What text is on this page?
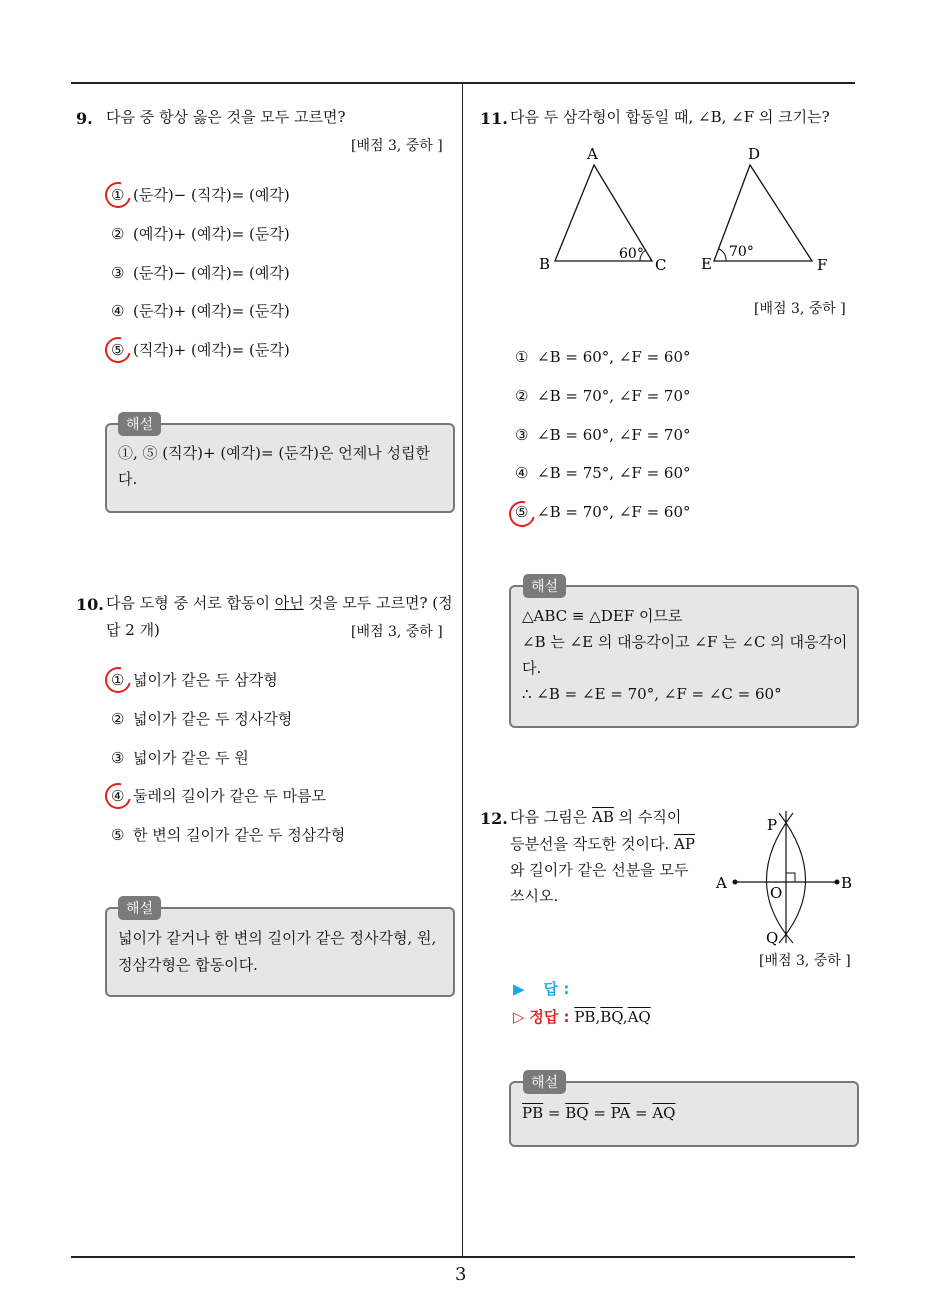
3
9. 다음 중 항상 옳은 것을 모두 고르면?
[배점 3, 중하 ]
① (둔각)− (직각)= (예각)
② (예각)+ (예각)= (둔각)
③ (둔각)− (예각)= (예각)
④ (둔각)+ (예각)= (둔각)
⑤ (직각)+ (예각)= (둔각)
해설
①, ⑤ (직각)+ (예각)= (둔각)은 언제나 성립한
다.
10. 다음 도형 중 서로 합동이 아닌 것을 모두 고르면? (정
답 2 개)	[배점 3, 중하 ]
① 넓이가 같은 두 삼각형
② 넓이가 같은 두 정사각형
③ 넓이가 같은 두 원
④ 둘레의 길이가 같은 두 마름모
⑤ 한 변의 길이가 같은 두 정삼각형
해설
넓이가 같거나 한 변의 길이가 같은 정사각형, 원,
정삼각형은 합동이다.
11. 다음 두 삼각형이 합동일 때, ∠B, ∠F 의 크기는?
A
B	C
60°
D
E	F
70°
[배점 3, 중하 ]
① ∠B = 60°, ∠F = 60°
② ∠B = 70°, ∠F = 70°
③ ∠B = 60°, ∠F = 70°
④ ∠B = 75°, ∠F = 60°
⑤ ∠B = 70°, ∠F = 60°
해설
△ABC ≡ △DEF 이므로
∠B 는 ∠E 의 대응각이고 ∠F 는 ∠C 의 대응각이
다.
∴ ∠B = ∠E = 70°, ∠F = ∠C = 60°
12. 다음 그림은 $\overline{AB}$ 의 수직이
등분선을 작도한 것이다. $\overline{AP}$
와 길이가 같은 선분을 모두
쓰시오.
P
A
O
B
Q
[배점 3, 중하 ]
▶ 답 :
▷ 정답 : $\overline{PB},\overline{BQ},\overline{AQ}$
해설
$\overline{PB} = \overline{BQ} = \overline{PA} = \overline{AQ}$
